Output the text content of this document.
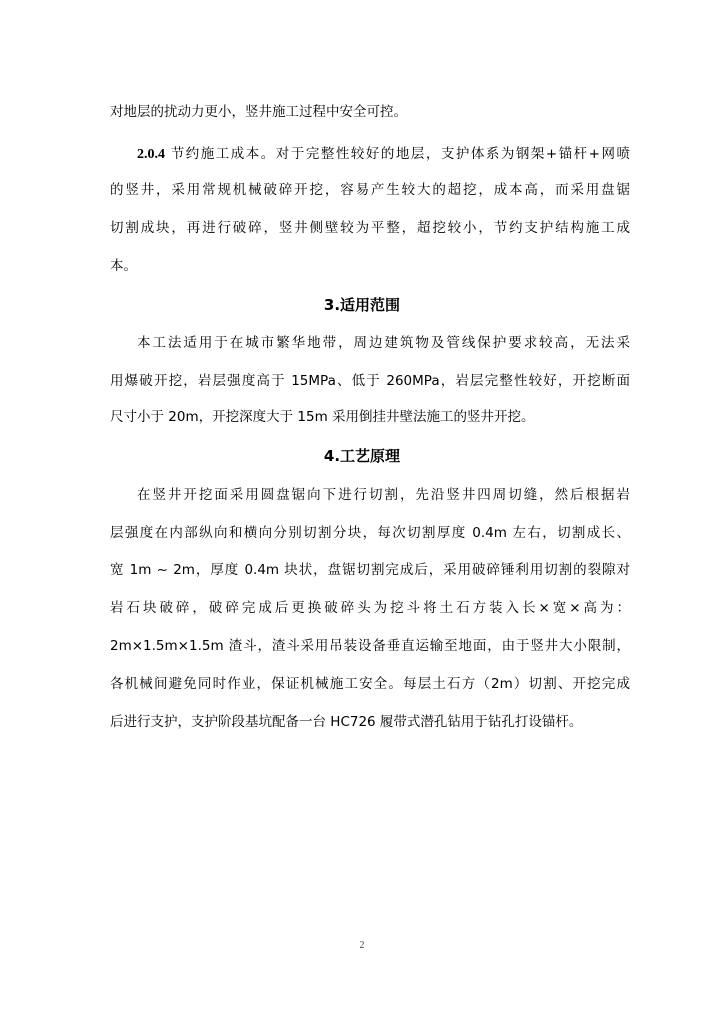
对地层的扰动力更小，竖井施工过程中安全可控。
2.0.4 节约施工成本。对于完整性较好的地层，支护体系为钢架+锚杆+网喷
的竖井，采用常规机械破碎开挖，容易产生较大的超挖，成本高，而采用盘锯
切割成块，再进行破碎，竖井侧壁较为平整，超挖较小，节约支护结构施工成
本。
3.适用范围
本工法适用于在城市繁华地带，周边建筑物及管线保护要求较高，无法采
用爆破开挖，岩层强度高于 15MPa、低于 260MPa，岩层完整性较好，开挖断面
尺寸小于 20m，开挖深度大于 15m 采用倒挂井壁法施工的竖井开挖。
4.工艺原理
在竖井开挖面采用圆盘锯向下进行切割，先沿竖井四周切缝，然后根据岩
层强度在内部纵向和横向分别切割分块，每次切割厚度 0.4m 左右，切割成长、
宽 1m ~ 2m，厚度 0.4m 块状，盘锯切割完成后，采用破碎锤利用切割的裂隙对
岩石块破碎，破碎完成后更换破碎头为挖斗将土石方装入长×宽×高为：
2m×1.5m×1.5m 渣斗，渣斗采用吊装设备垂直运输至地面，由于竖井大小限制，
各机械间避免同时作业，保证机械施工安全。每层土石方（2m）切割、开挖完成
后进行支护，支护阶段基坑配备一台 HC726 履带式潜孔钻用于钻孔打设锚杆。
2
